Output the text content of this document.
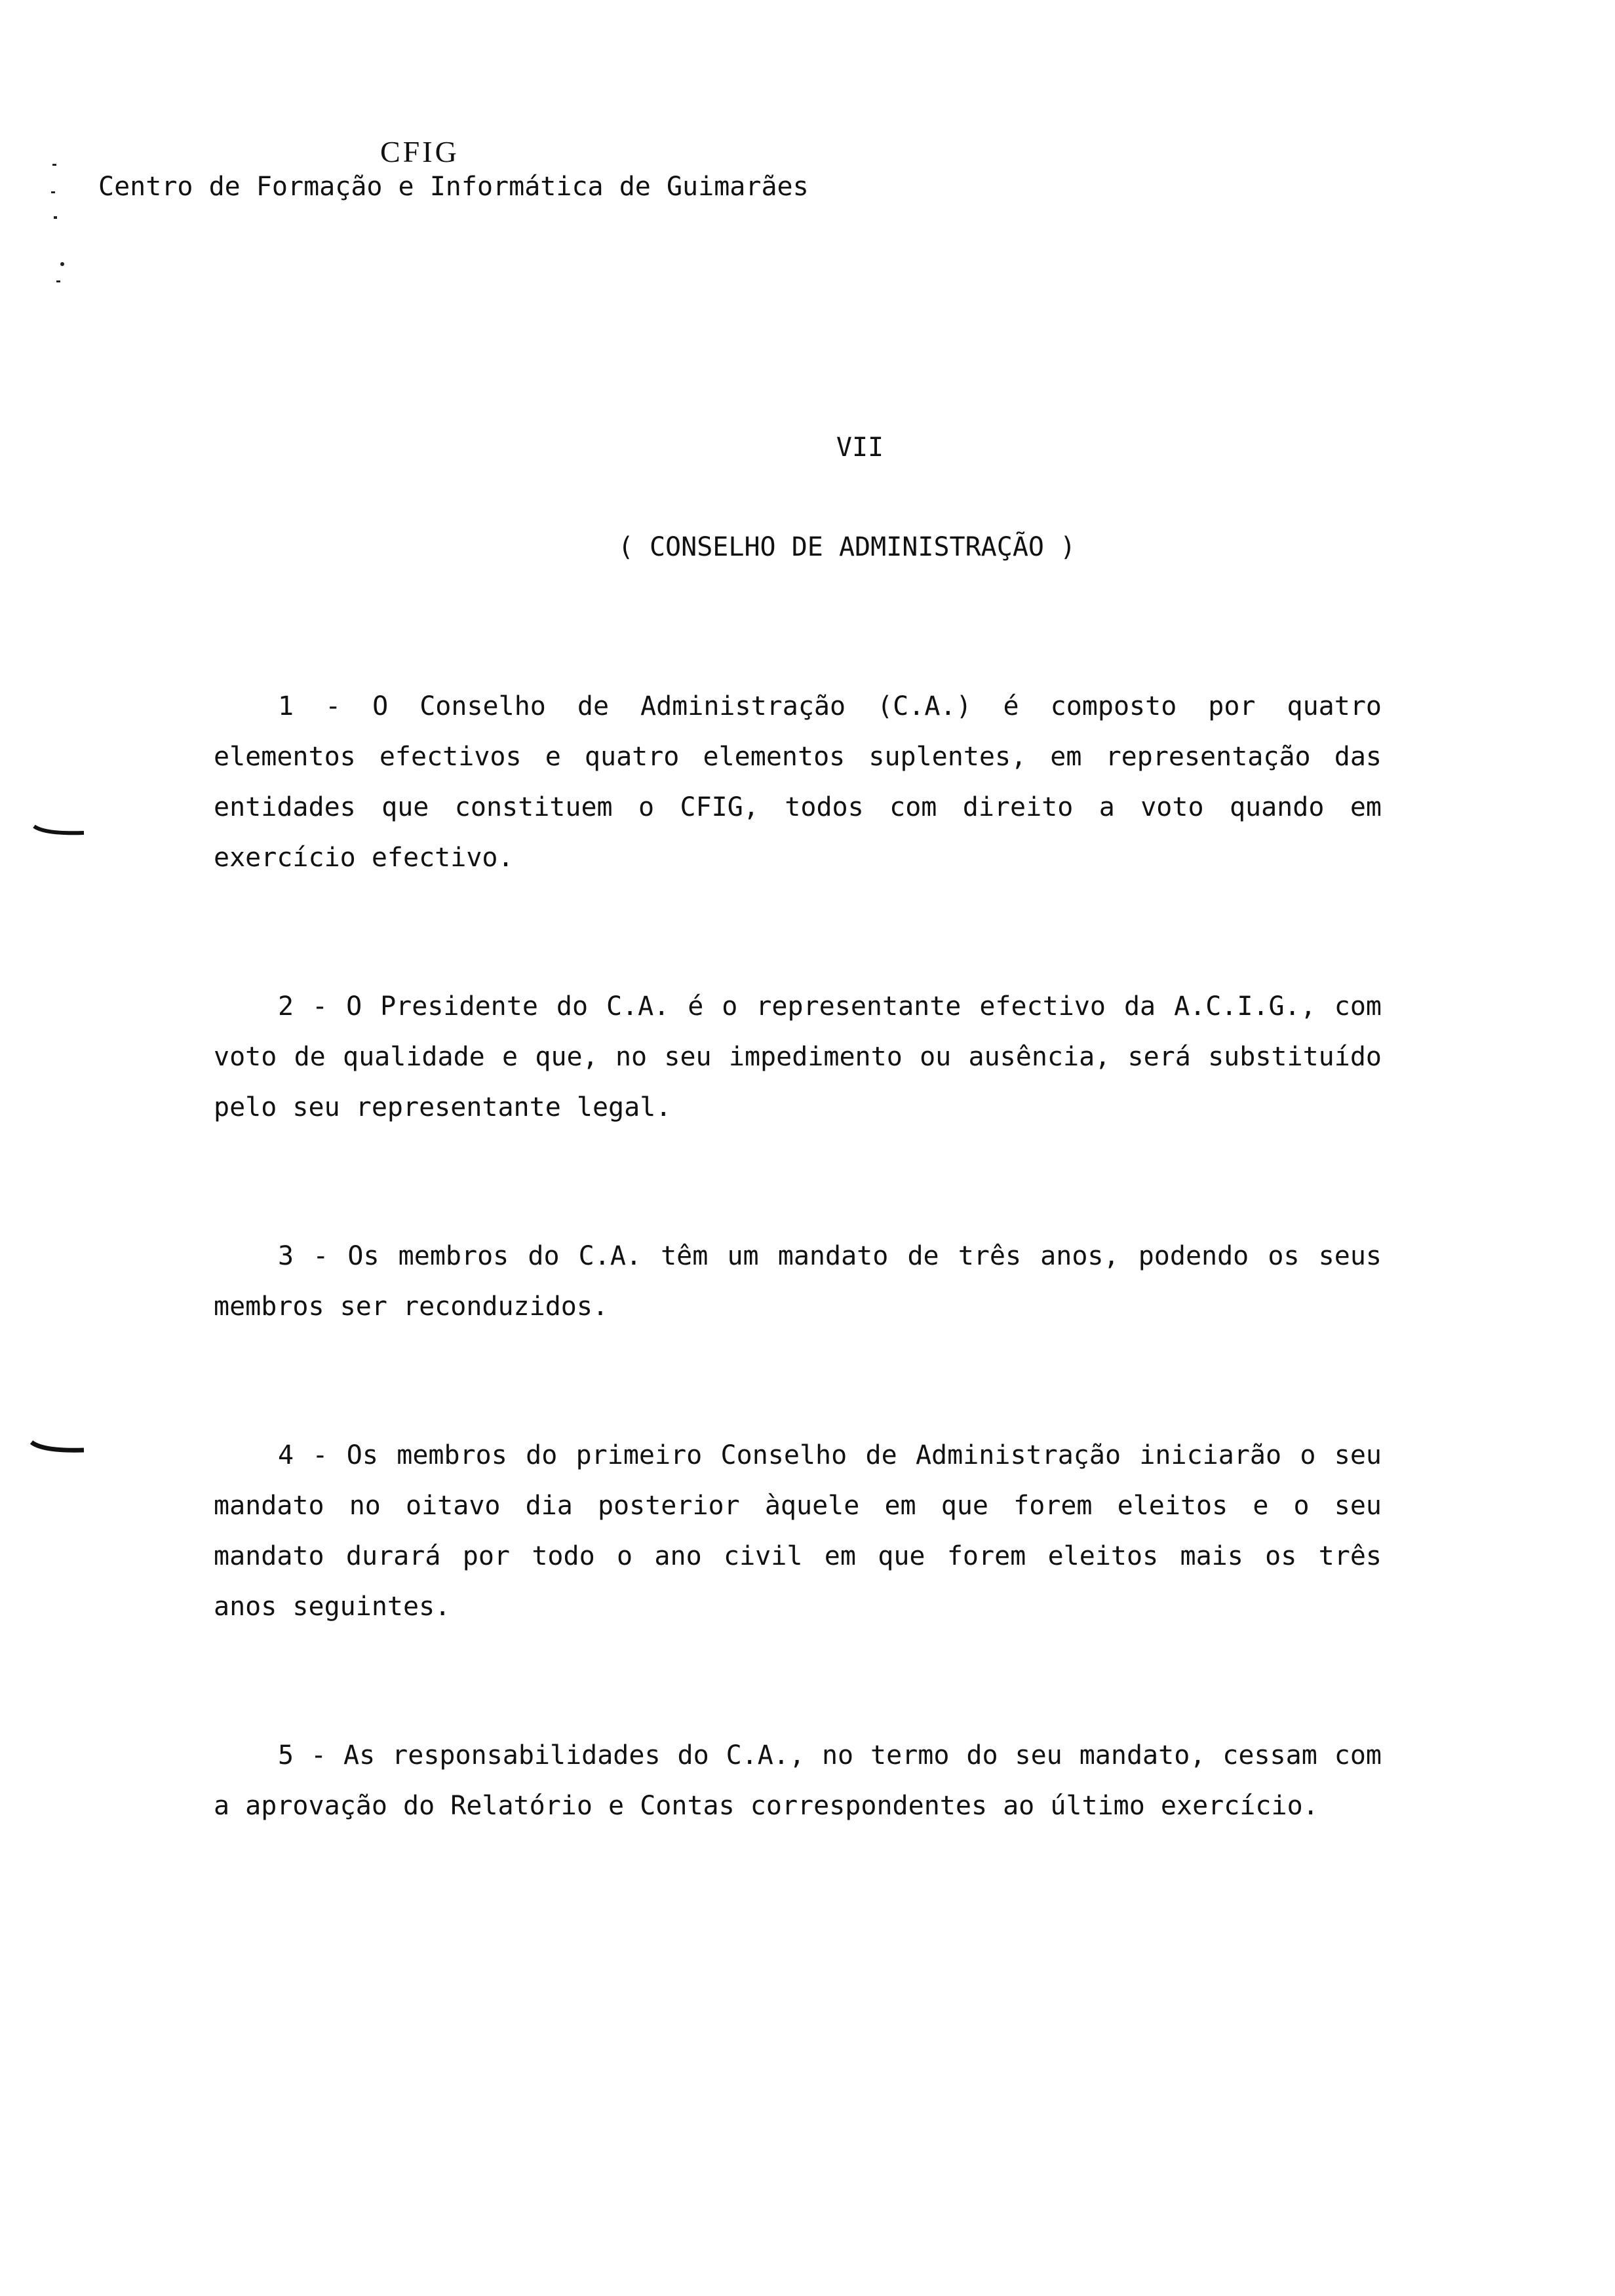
CFIG
Centro de Formação e Informática de Guimarães
VII
( CONSELHO DE ADMINISTRAÇÃO )

1 - O Conselho de Administração (C.A.) é composto por quatro elementos efectivos e quatro elementos suplentes, em representação das entidades que constituem o CFIG, todos com direito a voto quando em exercício efectivo.

2 - O Presidente do C.A. é o representante efectivo da A.C.I.G., com voto de qualidade e que, no seu impedimento ou ausência, será substituído pelo seu representante legal.

3 - Os membros do C.A. têm um mandato de três anos, podendo os seus membros ser reconduzidos.

4 - Os membros do primeiro Conselho de Administração iniciarão o seu mandato no oitavo dia posterior àquele em que forem eleitos e o seu mandato durará por todo o ano civil em que forem eleitos mais os três anos seguintes.

5 - As responsabilidades do C.A., no termo do seu mandato, cessam com a aprovação do Relatório e Contas correspondentes ao último exercício.
